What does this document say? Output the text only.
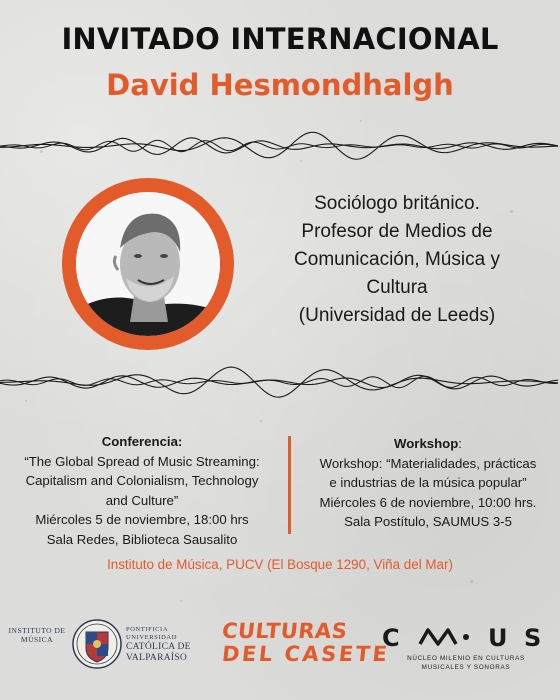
INVITADO INTERNACIONAL
David Hesmondhalgh
Sociólogo británico.
Profesor de Medios de
Comunicación, Música y
Cultura
(Universidad de Leeds)
Conferencia:
“The Global Spread of Music Streaming:
Capitalism and Colonialism, Technology
and Culture”
Miércoles 5 de noviembre, 18:00 hrs
Sala Redes, Biblioteca Sausalito
Workshop:
Workshop: “Materialidades, prácticas
e industrias de la música popular”
Miércoles 6 de noviembre, 10:00 hrs.
Sala Postítulo, SAUMUS 3-5
Instituto de Música, PUCV (El Bosque 1290, Viña del Mar)
INSTITUTO DE
MÚSICA
PONTIFICIA
UNIVERSIDAD
CATÓLICA DE
VALPARAÍSO
CULTURAS
DEL CASETE
C	U S
NÚCLEO MILENIO EN CULTURAS
MUSICALES Y SONORAS
